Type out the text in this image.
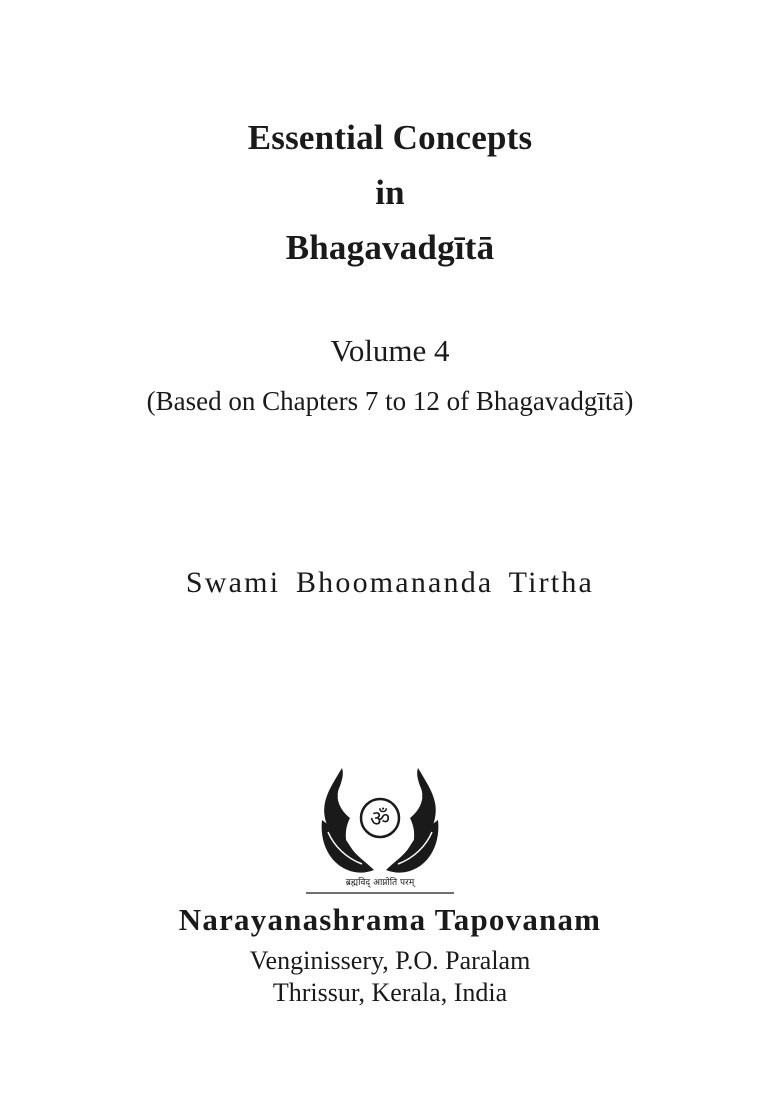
Essential Concepts
in
Bhagavadgītā
Volume 4
(Based on Chapters 7 to 12 of Bhagavadgītā)
Swami Bhoomananda Tirtha
ॐ
ब्रह्मविद् आप्नोति परम्
Narayanashrama Tapovanam
Venginissery, P.O. Paralam
Thrissur, Kerala, India
